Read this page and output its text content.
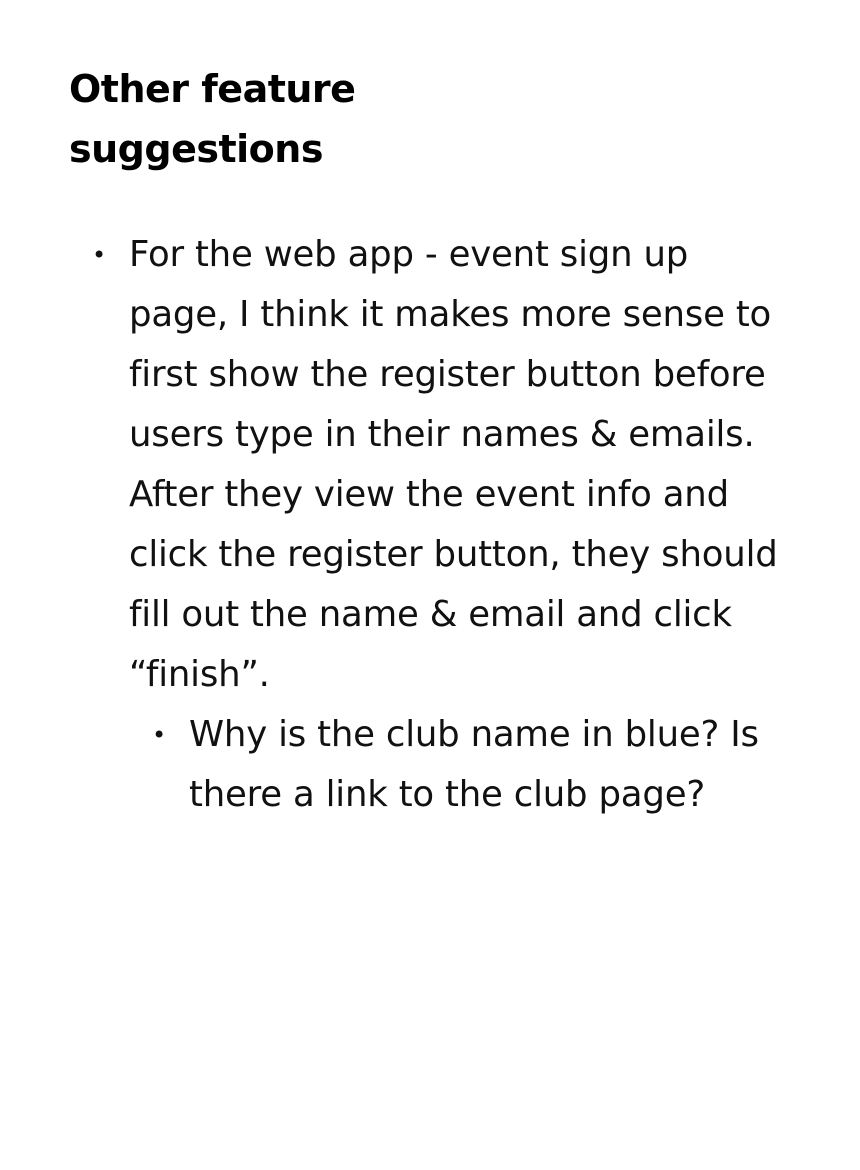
Other feature
suggestions
• For the web app - event sign up page, I think it makes more sense to first show the register button before users type in their names & emails. After they view the event info and click the register button, they should fill out the name & email and click “finish”.
• Why is the club name in blue? Is there a link to the club page?
